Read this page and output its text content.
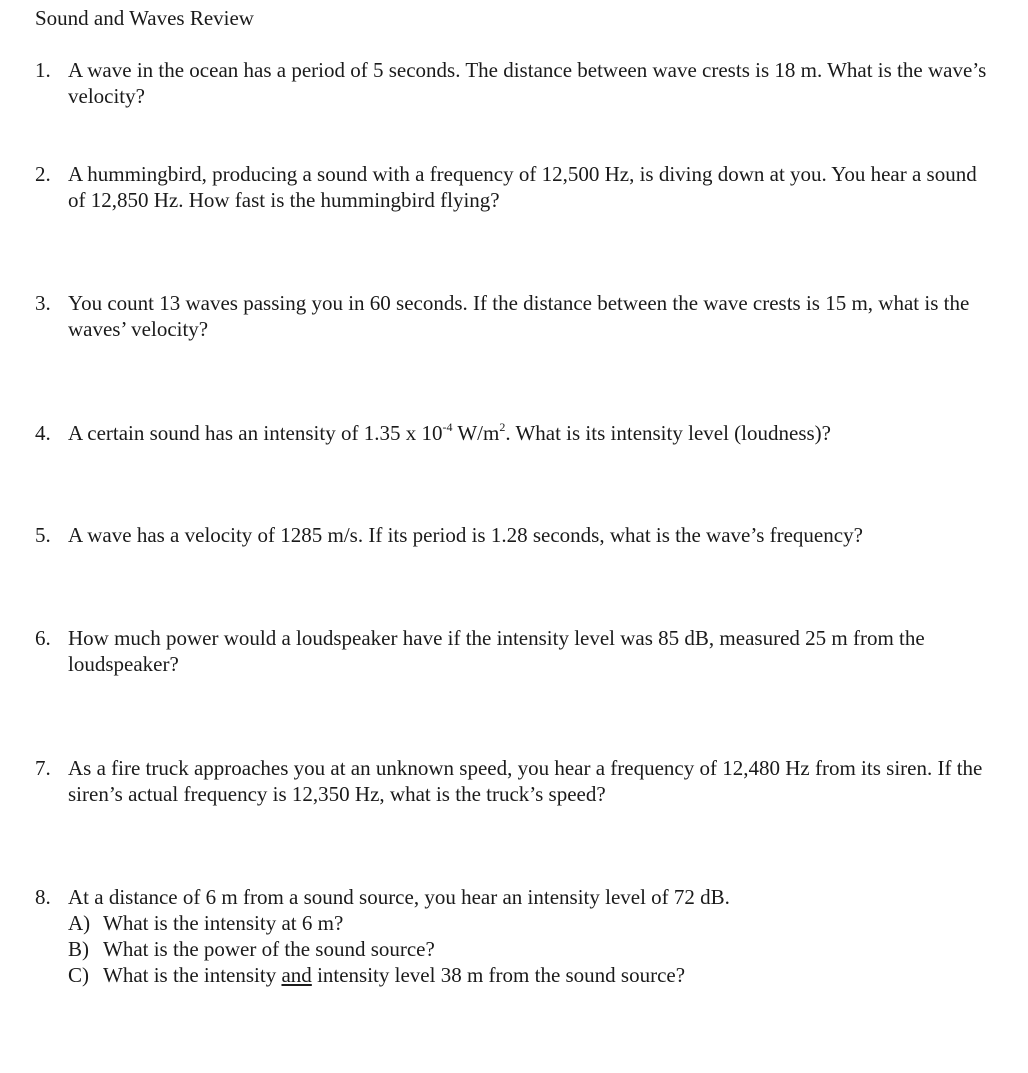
Sound and Waves Review
1. A wave in the ocean has a period of 5 seconds. The distance between wave crests is 18 m. What is the wave’s velocity?
2. A hummingbird, producing a sound with a frequency of 12,500 Hz, is diving down at you. You hear a sound of 12,850 Hz. How fast is the hummingbird flying?
3. You count 13 waves passing you in 60 seconds. If the distance between the wave crests is 15 m, what is the waves’ velocity?
4. A certain sound has an intensity of 1.35 x $10^{-4}$ $W/m^2$. What is its intensity level (loudness)?
5. A wave has a velocity of 1285 m/s. If its period is 1.28 seconds, what is the wave’s frequency?
6. How much power would a loudspeaker have if the intensity level was 85 dB, measured 25 m from the loudspeaker?
7. As a fire truck approaches you at an unknown speed, you hear a frequency of 12,480 Hz from its siren. If the siren’s actual frequency is 12,350 Hz, what is the truck’s speed?
8. At a distance of 6 m from a sound source, you hear an intensity level of 72 dB.
A) What is the intensity at 6 m?
B) What is the power of the sound source?
C) What is the intensity and intensity level 38 m from the sound source?
